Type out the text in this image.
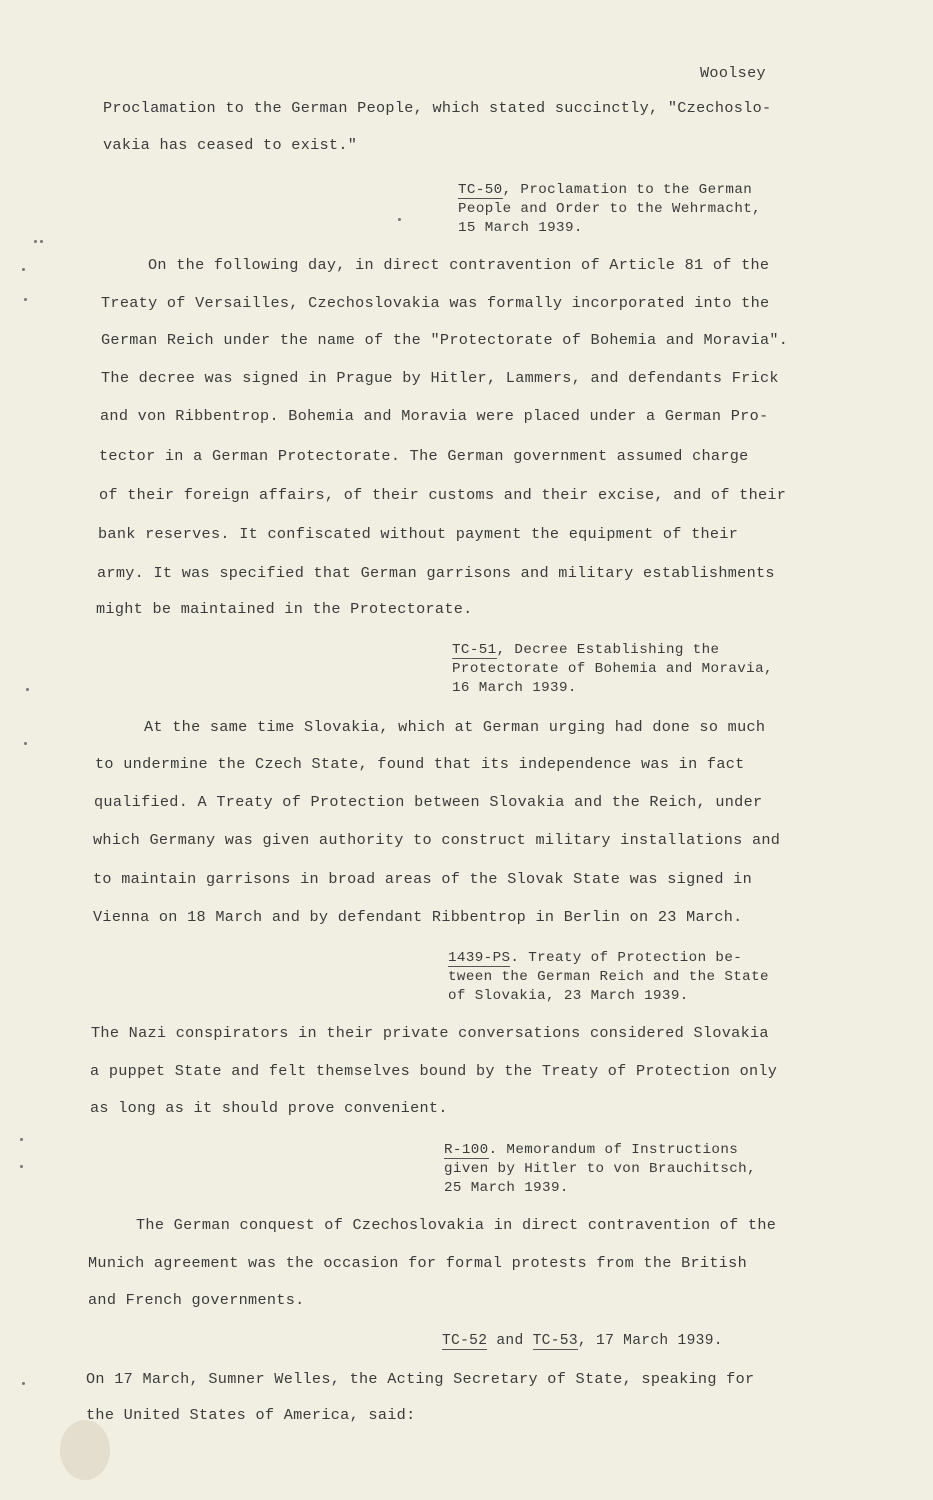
Woolsey
Proclamation to the German People, which stated succinctly, "Czechoslo-
vakia has ceased to exist."
TC-50, Proclamation to the German
People and Order to the Wehrmacht,
15 March 1939.
On the following day, in direct contravention of Article 81 of the
Treaty of Versailles, Czechoslovakia was formally incorporated into the
German Reich under the name of the "Protectorate of Bohemia and Moravia".
The decree was signed in Prague by Hitler, Lammers, and defendants Frick
and von Ribbentrop. Bohemia and Moravia were placed under a German Pro-
tector in a German Protectorate. The German government assumed charge
of their foreign affairs, of their customs and their excise, and of their
bank reserves. It confiscated without payment the equipment of their
army. It was specified that German garrisons and military establishments
might be maintained in the Protectorate.
TC-51, Decree Establishing the
Protectorate of Bohemia and Moravia,
16 March 1939.
At the same time Slovakia, which at German urging had done so much
to undermine the Czech State, found that its independence was in fact
qualified. A Treaty of Protection between Slovakia and the Reich, under
which Germany was given authority to construct military installations and
to maintain garrisons in broad areas of the Slovak State was signed in
Vienna on 18 March and by defendant Ribbentrop in Berlin on 23 March.
1439-PS. Treaty of Protection be-
tween the German Reich and the State
of Slovakia, 23 March 1939.
The Nazi conspirators in their private conversations considered Slovakia
a puppet State and felt themselves bound by the Treaty of Protection only
as long as it should prove convenient.
R-100. Memorandum of Instructions
given by Hitler to von Brauchitsch,
25 March 1939.
The German conquest of Czechoslovakia in direct contravention of the
Munich agreement was the occasion for formal protests from the British
and French governments.
TC-52 and TC-53, 17 March 1939.
On 17 March, Sumner Welles, the Acting Secretary of State, speaking for
the United States of America, said:
